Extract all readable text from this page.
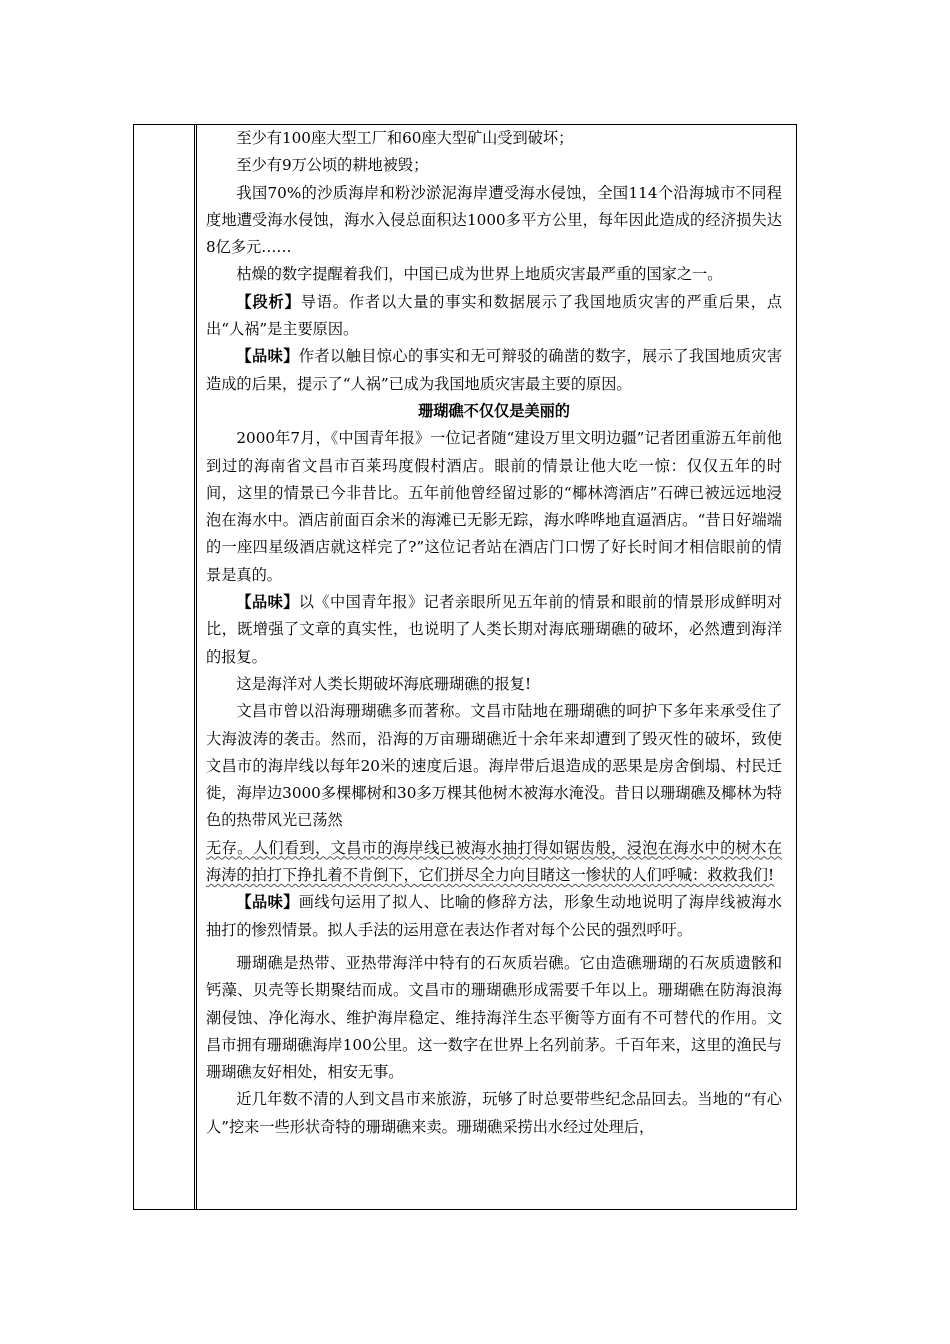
至少有100座大型工厂和60座大型矿山受到破坏；

至少有9万公顷的耕地被毁；

我国70%的沙质海岸和粉沙淤泥海岸遭受海水侵蚀，全国114个沿海城市不同程度地遭受海水侵蚀，海水入侵总面积达1000多平方公里，每年因此造成的经济损失达8亿多元……

枯燥的数字提醒着我们，中国已成为世界上地质灾害最严重的国家之一。

【段析】导语。作者以大量的事实和数据展示了我国地质灾害的严重后果，点出“人祸”是主要原因。

【品味】作者以触目惊心的事实和无可辩驳的确凿的数字，展示了我国地质灾害造成的后果，提示了“人祸”已成为我国地质灾害最主要的原因。

珊瑚礁不仅仅是美丽的

2000年7月，《中国青年报》一位记者随“建设万里文明边疆”记者团重游五年前他到过的海南省文昌市百莱玛度假村酒店。眼前的情景让他大吃一惊：仅仅五年的时间，这里的情景已今非昔比。五年前他曾经留过影的“椰林湾酒店”石碑已被远远地浸泡在海水中。酒店前面百余米的海滩已无影无踪，海水哗哗地直逼酒店。“昔日好端端的一座四星级酒店就这样完了?”这位记者站在酒店门口愣了好长时间才相信眼前的情景是真的。

【品味】以《中国青年报》记者亲眼所见五年前的情景和眼前的情景形成鲜明对比，既增强了文章的真实性，也说明了人类长期对海底珊瑚礁的破坏，必然遭到海洋的报复。

这是海洋对人类长期破坏海底珊瑚礁的报复!

文昌市曾以沿海珊瑚礁多而著称。文昌市陆地在珊瑚礁的呵护下多年来承受住了大海波涛的袭击。然而，沿海的万亩珊瑚礁近十余年来却遭到了毁灭性的破坏，致使文昌市的海岸线以每年20米的速度后退。海岸带后退造成的恶果是房舍倒塌、村民迁徙，海岸边3000多棵椰树和30多万棵其他树木被海水淹没。昔日以珊瑚礁及椰林为特色的热带风光已荡然

无存。人们看到，文昌市的海岸线已被海水抽打得如锯齿般，浸泡在海水中的树木在海涛的拍打下挣扎着不肯倒下，它们拼尽全力向目睹这一惨状的人们呼喊：救救我们!

【品味】画线句运用了拟人、比喻的修辞方法，形象生动地说明了海岸线被海水抽打的惨烈情景。拟人手法的运用意在表达作者对每个公民的强烈呼吁。

珊瑚礁是热带、亚热带海洋中特有的石灰质岩礁。它由造礁珊瑚的石灰质遗骸和钙藻、贝壳等长期聚结而成。文昌市的珊瑚礁形成需要千年以上。珊瑚礁在防海浪海潮侵蚀、净化海水、维护海岸稳定、维持海洋生态平衡等方面有不可替代的作用。文昌市拥有珊瑚礁海岸100公里。这一数字在世界上名列前茅。千百年来，这里的渔民与珊瑚礁友好相处，相安无事。

近几年数不清的人到文昌市来旅游，玩够了时总要带些纪念品回去。当地的“有心人”挖来一些形状奇特的珊瑚礁来卖。珊瑚礁采捞出水经过处理后，
